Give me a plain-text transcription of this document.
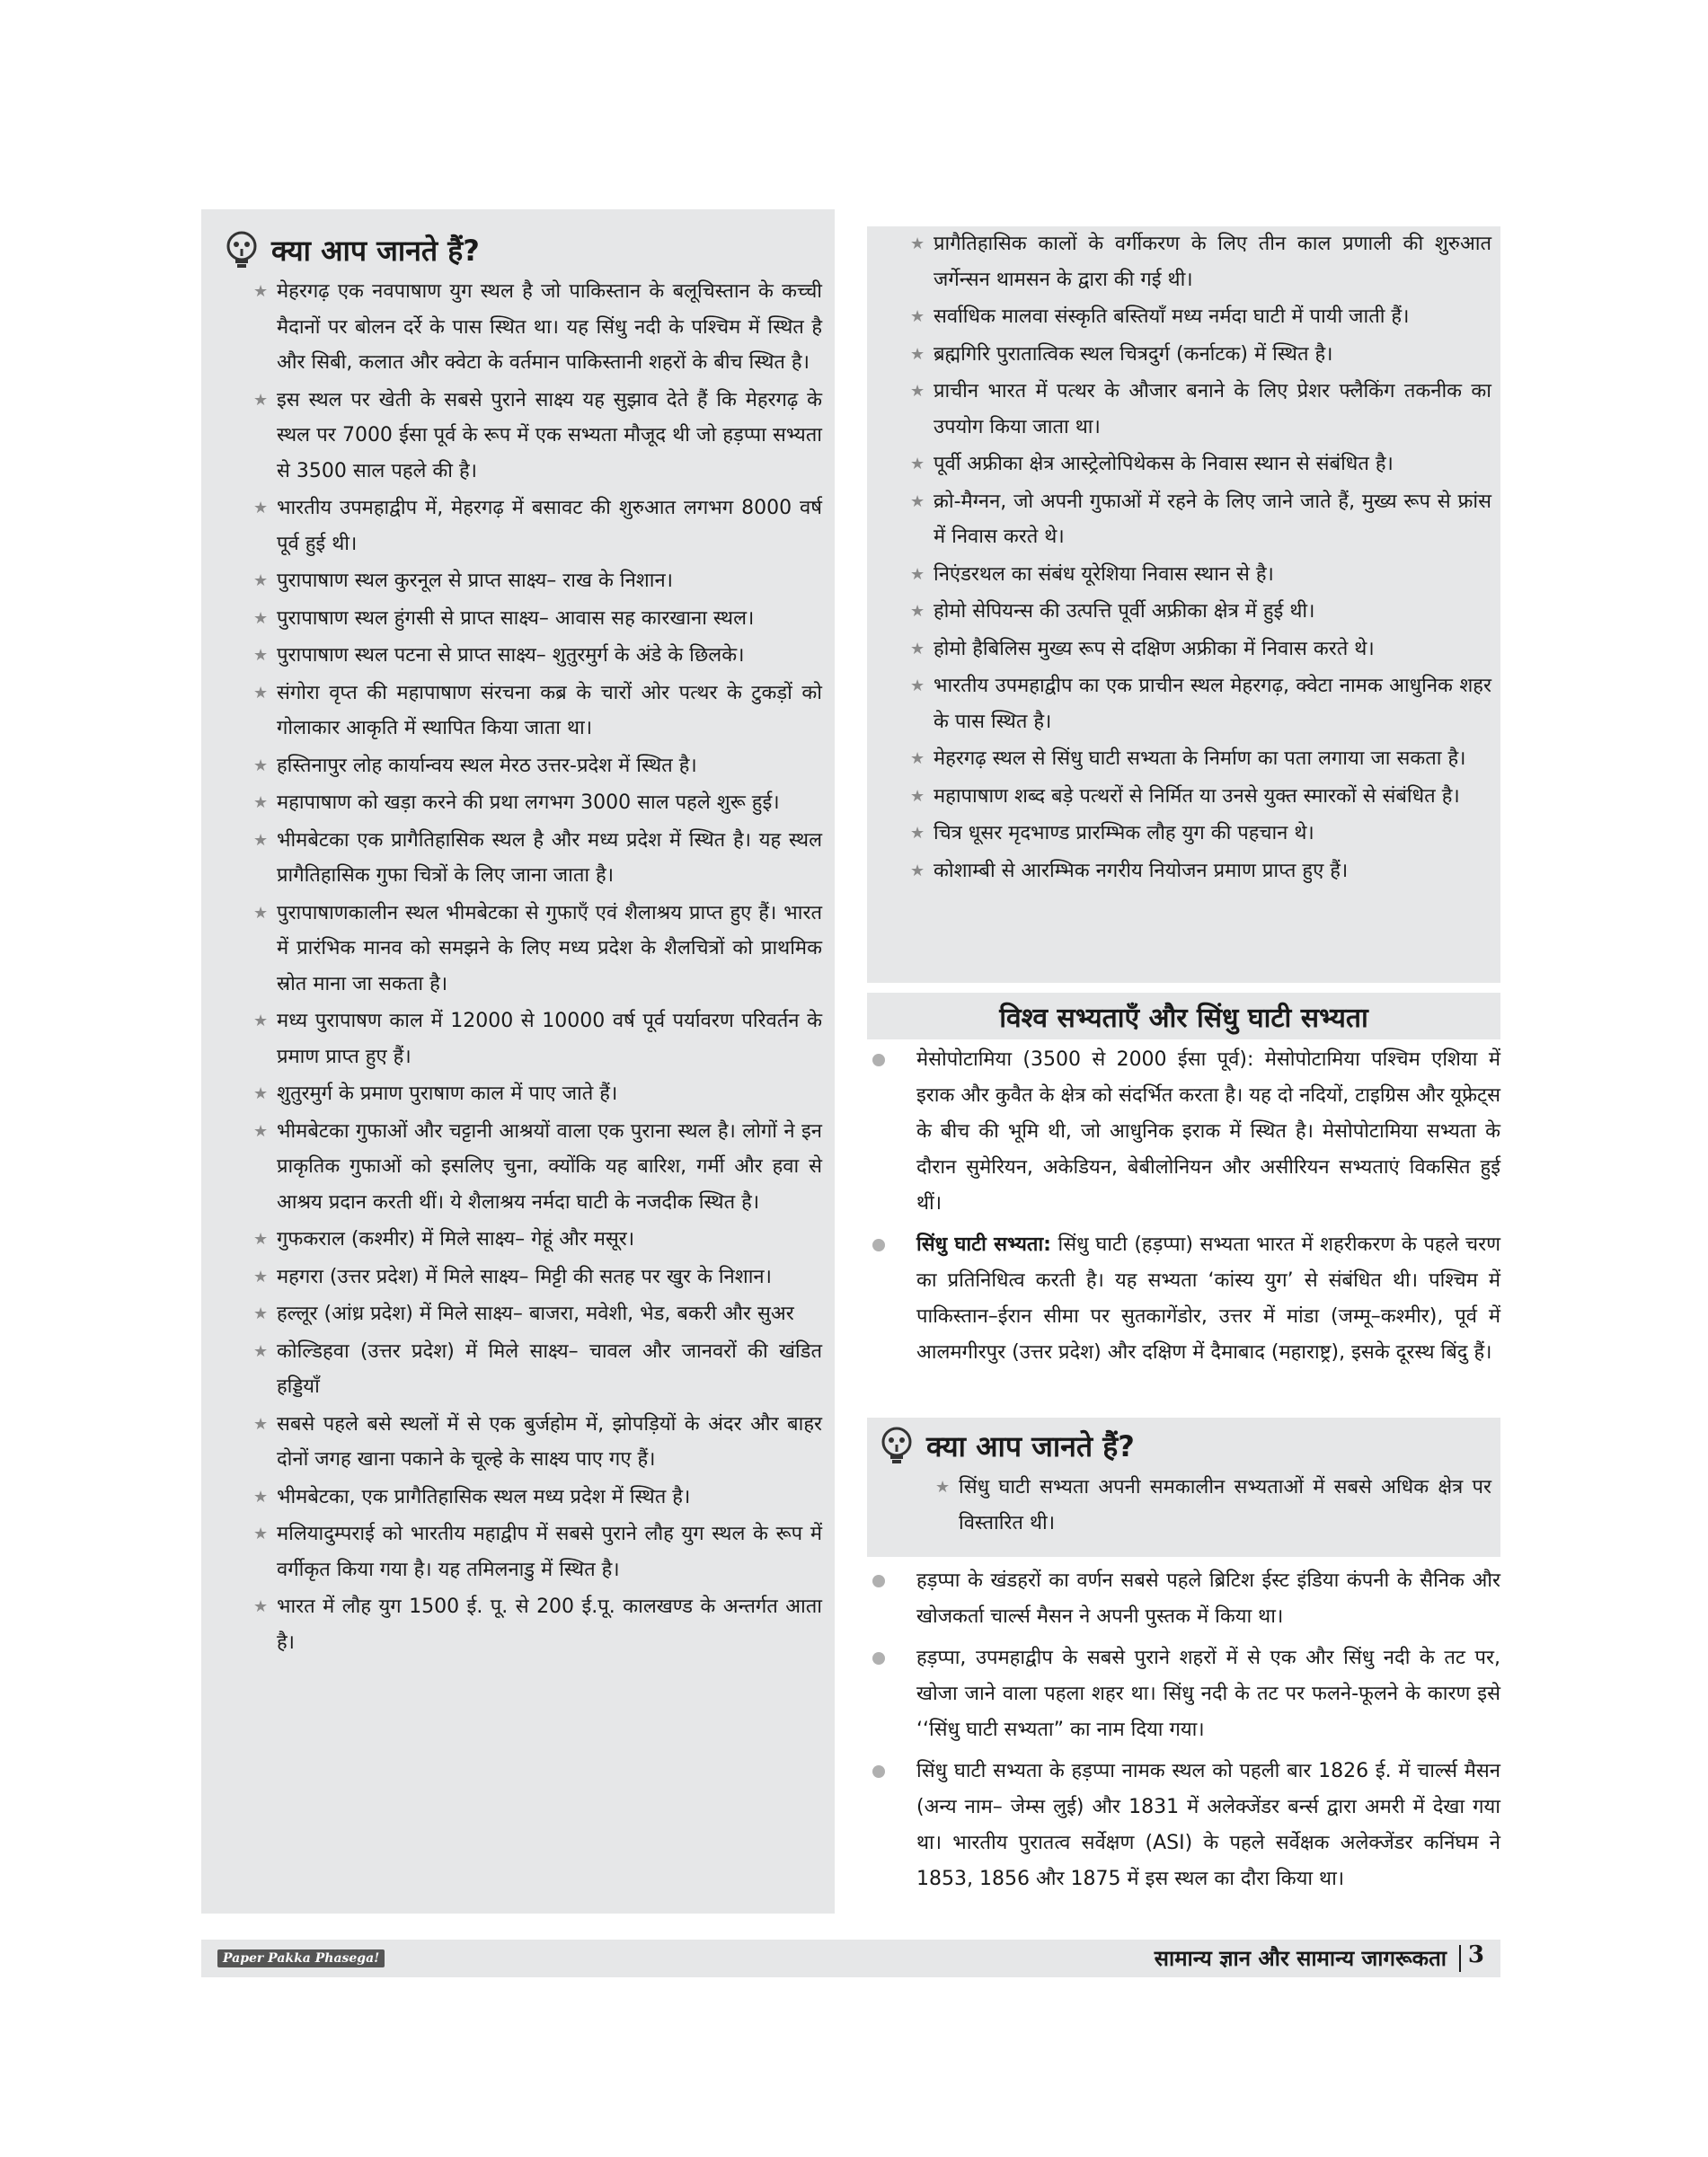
क्या आप जानते हैं?
★ मेहरगढ़ एक नवपाषाण युग स्थल है जो पाकिस्तान के बलूचिस्तान के कच्ची मैदानों पर बोलन दर्रे के पास स्थित था। यह सिंधु नदी के पश्चिम में स्थित है और सिबी, कलात और क्वेटा के वर्तमान पाकिस्तानी शहरों के बीच स्थित है।
★ इस स्थल पर खेती के सबसे पुराने साक्ष्य यह सुझाव देते हैं कि मेहरगढ़ के स्थल पर 7000 ईसा पूर्व के रूप में एक सभ्यता मौजूद थी जो हड़प्पा सभ्यता से 3500 साल पहले की है।
★ भारतीय उपमहाद्वीप में, मेहरगढ़ में बसावट की शुरुआत लगभग 8000 वर्ष पूर्व हुई थी।
★ पुरापाषाण स्थल कुरनूल से प्राप्त साक्ष्य– राख के निशान।
★ पुरापाषाण स्थल हुंगसी से प्राप्त साक्ष्य– आवास सह कारखाना स्थल।
★ पुरापाषाण स्थल पटना से प्राप्त साक्ष्य– शुतुरमुर्ग के अंडे के छिलके।
★ संगोरा वृप्त की महापाषाण संरचना कब्र के चारों ओर पत्थर के टुकड़ों को गोलाकार आकृति में स्थापित किया जाता था।
★ हस्तिनापुर लोह कार्यान्वय स्थल मेरठ उत्तर-प्रदेश में स्थित है।
★ महापाषाण को खड़ा करने की प्रथा लगभग 3000 साल पहले शुरू हुई।
★ भीमबेटका एक प्रागैतिहासिक स्थल है और मध्य प्रदेश में स्थित है। यह स्थल प्रागैतिहासिक गुफा चित्रों के लिए जाना जाता है।
★ पुरापाषाणकालीन स्थल भीमबेटका से गुफाएँ एवं शैलाश्रय प्राप्त हुए हैं। भारत में प्रारंभिक मानव को समझने के लिए मध्य प्रदेश के शैलचित्रों को प्राथमिक स्रोत माना जा सकता है।
★ मध्य पुरापाषण काल में 12000 से 10000 वर्ष पूर्व पर्यावरण परिवर्तन के प्रमाण प्राप्त हुए हैं।
★ शुतुरमुर्ग के प्रमाण पुराषाण काल में पाए जाते हैं।
★ भीमबेटका गुफाओं और चट्टानी आश्रयों वाला एक पुराना स्थल है। लोगों ने इन प्राकृतिक गुफाओं को इसलिए चुना, क्योंकि यह बारिश, गर्मी और हवा से आश्रय प्रदान करती थीं। ये शैलाश्रय नर्मदा घाटी के नजदीक स्थित है।
★ गुफकराल (कश्मीर) में मिले साक्ष्य– गेहूं और मसूर।
★ महगरा (उत्तर प्रदेश) में मिले साक्ष्य– मिट्टी की सतह पर खुर के निशान।
★ हल्लूर (आंध्र प्रदेश) में मिले साक्ष्य– बाजरा, मवेशी, भेड, बकरी और सुअर
★ कोल्डिहवा (उत्तर प्रदेश) में मिले साक्ष्य– चावल और जानवरों की खंडित हड्डियाँ
★ सबसे पहले बसे स्थलों में से एक बुर्जहोम में, झोपड़ियों के अंदर और बाहर दोनों जगह खाना पकाने के चूल्हे के साक्ष्य पाए गए हैं।
★ भीमबेटका, एक प्रागैतिहासिक स्थल मध्य प्रदेश में स्थित है।
★ मलियादुम्पराई को भारतीय महाद्वीप में सबसे पुराने लौह युग स्थल के रूप में वर्गीकृत किया गया है। यह तमिलनाडु में स्थित है।
★ भारत में लौह युग 1500 ई. पू. से 200 ई.पू. कालखण्ड के अन्तर्गत आता है।
★ प्रागैतिहासिक कालों के वर्गीकरण के लिए तीन काल प्रणाली की शुरुआत जर्गेन्सन थामसन के द्वारा की गई थी।
★ सर्वाधिक मालवा संस्कृति बस्तियाँ मध्य नर्मदा घाटी में पायी जाती हैं।
★ ब्रह्मगिरि पुरातात्विक स्थल चित्रदुर्ग (कर्नाटक) में स्थित है।
★ प्राचीन भारत में पत्थर के औजार बनाने के लिए प्रेशर फ्लैकिंग तकनीक का उपयोग किया जाता था।
★ पूर्वी अफ्रीका क्षेत्र आस्ट्रेलोपिथेकस के निवास स्थान से संबंधित है।
★ क्रो-मैग्नन, जो अपनी गुफाओं में रहने के लिए जाने जाते हैं, मुख्य रूप से फ्रांस में निवास करते थे।
★ निएंडरथल का संबंध यूरेशिया निवास स्थान से है।
★ होमो सेपियन्स की उत्पत्ति पूर्वी अफ्रीका क्षेत्र में हुई थी।
★ होमो हैबिलिस मुख्य रूप से दक्षिण अफ्रीका में निवास करते थे।
★ भारतीय उपमहाद्वीप का एक प्राचीन स्थल मेहरगढ़, क्वेटा नामक आधुनिक शहर के पास स्थित है।
★ मेहरगढ़ स्थल से सिंधु घाटी सभ्यता के निर्माण का पता लगाया जा सकता है।
★ महापाषाण शब्द बड़े पत्थरों से निर्मित या उनसे युक्त स्मारकों से संबंधित है।
★ चित्र धूसर मृदभाण्ड प्रारम्भिक लौह युग की पहचान थे।
★ कोशाम्बी से आरम्भिक नगरीय नियोजन प्रमाण प्राप्त हुए हैं।
विश्व सभ्यताएँ और सिंधु घाटी सभ्यता
मेसोपोटामिया (3500 से 2000 ईसा पूर्व): मेसोपोटामिया पश्चिम एशिया में इराक और कुवैत के क्षेत्र को संदर्भित करता है। यह दो नदियों, टाइग्रिस और यूफ्रेट्स के बीच की भूमि थी, जो आधुनिक इराक में स्थित है। मेसोपोटामिया सभ्यता के दौरान सुमेरियन, अकेडियन, बेबीलोनियन और असीरियन सभ्यताएं विकसित हुई थीं।
सिंधु घाटी सभ्यता: सिंधु घाटी (हड़प्पा) सभ्यता भारत में शहरीकरण के पहले चरण का प्रतिनिधित्व करती है। यह सभ्यता ‘कांस्य युग’ से संबंधित थी। पश्चिम में पाकिस्तान–ईरान सीमा पर सुतकागेंडोर, उत्तर में मांडा (जम्मू–कश्मीर), पूर्व में आलमगीरपुर (उत्तर प्रदेश) और दक्षिण में दैमाबाद (महाराष्ट्र), इसके दूरस्थ बिंदु हैं।
क्या आप जानते हैं?
★ सिंधु घाटी सभ्यता अपनी समकालीन सभ्यताओं में सबसे अधिक क्षेत्र पर विस्तारित थी।
हड़प्पा के खंडहरों का वर्णन सबसे पहले ब्रिटिश ईस्ट इंडिया कंपनी के सैनिक और खोजकर्ता चार्ल्स मैसन ने अपनी पुस्तक में किया था।
हड़प्पा, उपमहाद्वीप के सबसे पुराने शहरों में से एक और सिंधु नदी के तट पर, खोजा जाने वाला पहला शहर था। सिंधु नदी के तट पर फलने-फूलने के कारण इसे ‘‘सिंधु घाटी सभ्यता” का नाम दिया गया।
सिंधु घाटी सभ्यता के हड़प्पा नामक स्थल को पहली बार 1826 ई. में चार्ल्स मैसन (अन्य नाम– जेम्स लुई) और 1831 में अलेक्जेंडर बर्न्स द्वारा अमरी में देखा गया था। भारतीय पुरातत्व सर्वेक्षण (ASI) के पहले सर्वेक्षक अलेक्जेंडर कनिंघम ने 1853, 1856 और 1875 में इस स्थल का दौरा किया था।
Paper Pakka Phasega!	सामान्य ज्ञान और सामान्य जागरूकता 3
